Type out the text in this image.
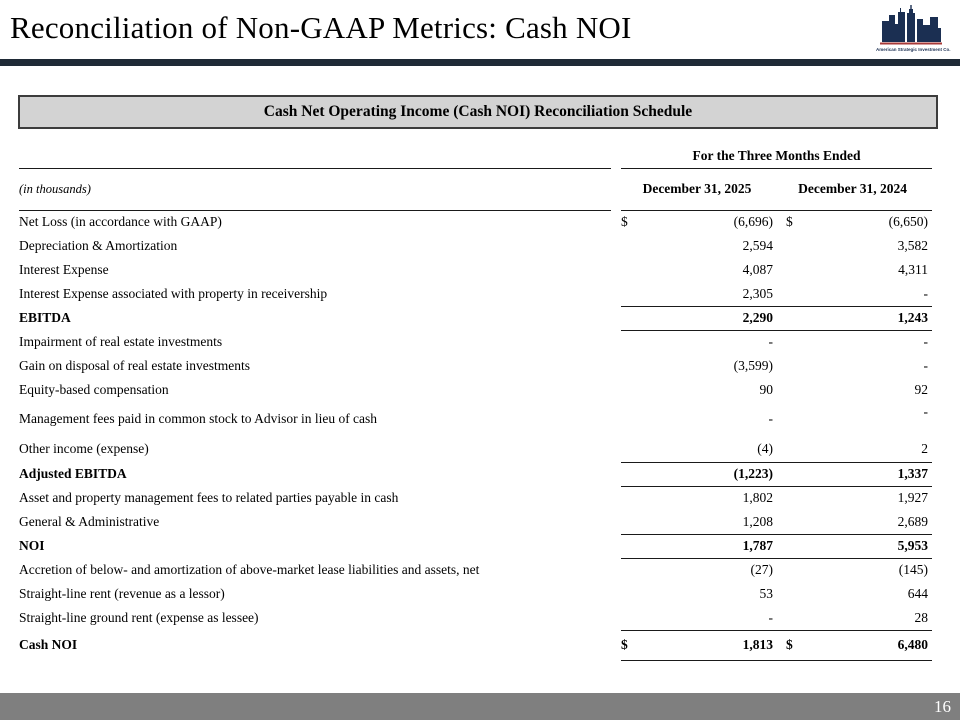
Reconciliation of Non-GAAP Metrics: Cash NOI
American Strategic Investment Co.
Cash Net Operating Income (Cash NOI) Reconciliation Schedule
		For the Three Months Ended			
(in thousands)		December 31, 2025		December 31, 2024	
Net Loss (in accordance with GAAP)		$	(6,696)	$	(6,650)
Depreciation & Amortization			2,594		3,582
Interest Expense			4,087		4,311
Interest Expense associated with property in receivership			2,305		-
EBITDA			2,290		1,243
Impairment of real estate investments			-		-
Gain on disposal of real estate investments			(3,599)		-
Equity-based compensation			90		92
Management fees paid in common stock to Advisor in lieu of cash			-		-
Other income (expense)			(4)		2
Adjusted EBITDA			(1,223)		1,337
Asset and property management fees to related parties payable in cash			1,802		1,927
General & Administrative			1,208		2,689
NOI			1,787		5,953
Accretion of below- and amortization of above-market lease liabilities and assets, net			(27)		(145)
Straight-line rent (revenue as a lessor)			53		644
Straight-line ground rent (expense as lessee)			-		28
Cash NOI		$	1,813	$	6,480
16
